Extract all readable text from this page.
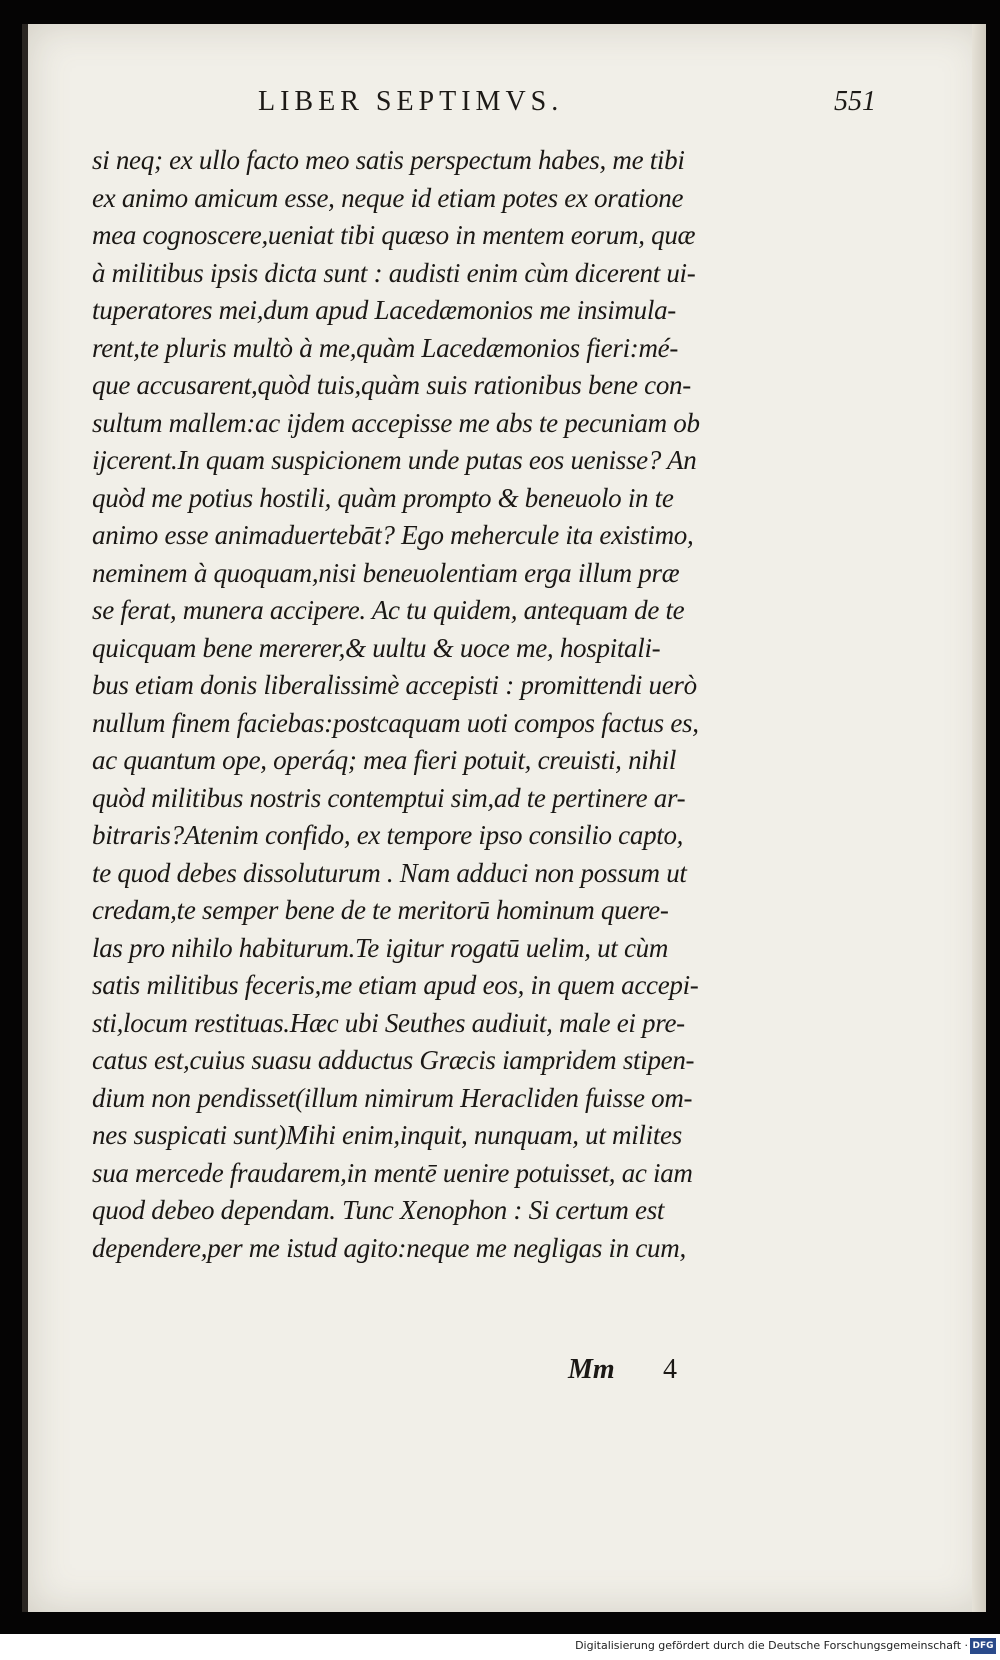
LIBER SEPTIMVS.	551
si neq; ex ullo facto meo satis perspectum habes, me tibi
ex animo amicum esse, neque id etiam potes ex oratione
mea cognoscere,ueniat tibi quæso in mentem eorum, quæ
à militibus ipsis dicta sunt : audisti enim cùm dicerent ui-
tuperatores mei,dum apud Lacedæmonios me insimula-
rent,te pluris multò à me,quàm Lacedæmonios fieri:mé-
que accusarent,quòd tuis,quàm suis rationibus bene con-
sultum mallem:ac ijdem accepisse me abs te pecuniam ob
ijcerent.In quam suspicionem unde putas eos uenisse? An
quòd me potius hostili, quàm prompto & beneuolo in te
animo esse animaduertebāt? Ego mehercule ita existimo,
neminem à quoquam,nisi beneuolentiam erga illum præ
se ferat, munera accipere. Ac tu quidem, antequam de te
quicquam bene mererer,& uultu & uoce me, hospitali-
bus etiam donis liberalissimè accepisti : promittendi uerò
nullum finem faciebas:postcaquam uoti compos factus es,
ac quantum ope, operáq; mea fieri potuit, creuisti, nihil
quòd militibus nostris contemptui sim,ad te pertinere ar-
bitraris?Atenim confido, ex tempore ipso consilio capto,
te quod debes dissoluturum . Nam adduci non possum ut
credam,te semper bene de te meritorū hominum quere-
las pro nihilo habiturum.Te igitur rogatū uelim, ut cùm
satis militibus feceris,me etiam apud eos, in quem accepi-
sti,locum restituas.Hæc ubi Seuthes audiuit, male ei pre-
catus est,cuius suasu adductus Græcis iampridem stipen-
dium non pendisset(illum nimirum Heracliden fuisse om-
nes suspicati sunt)Mihi enim,inquit, nunquam, ut milites
sua mercede fraudarem,in mentē uenire potuisset, ac iam
quod debeo dependam. Tunc Xenophon : Si certum est
dependere,per me istud agito:neque me negligas in cum,
Mm 4
Digitalisierung gefördert durch die Deutsche Forschungsgemeinschaft · DFG
